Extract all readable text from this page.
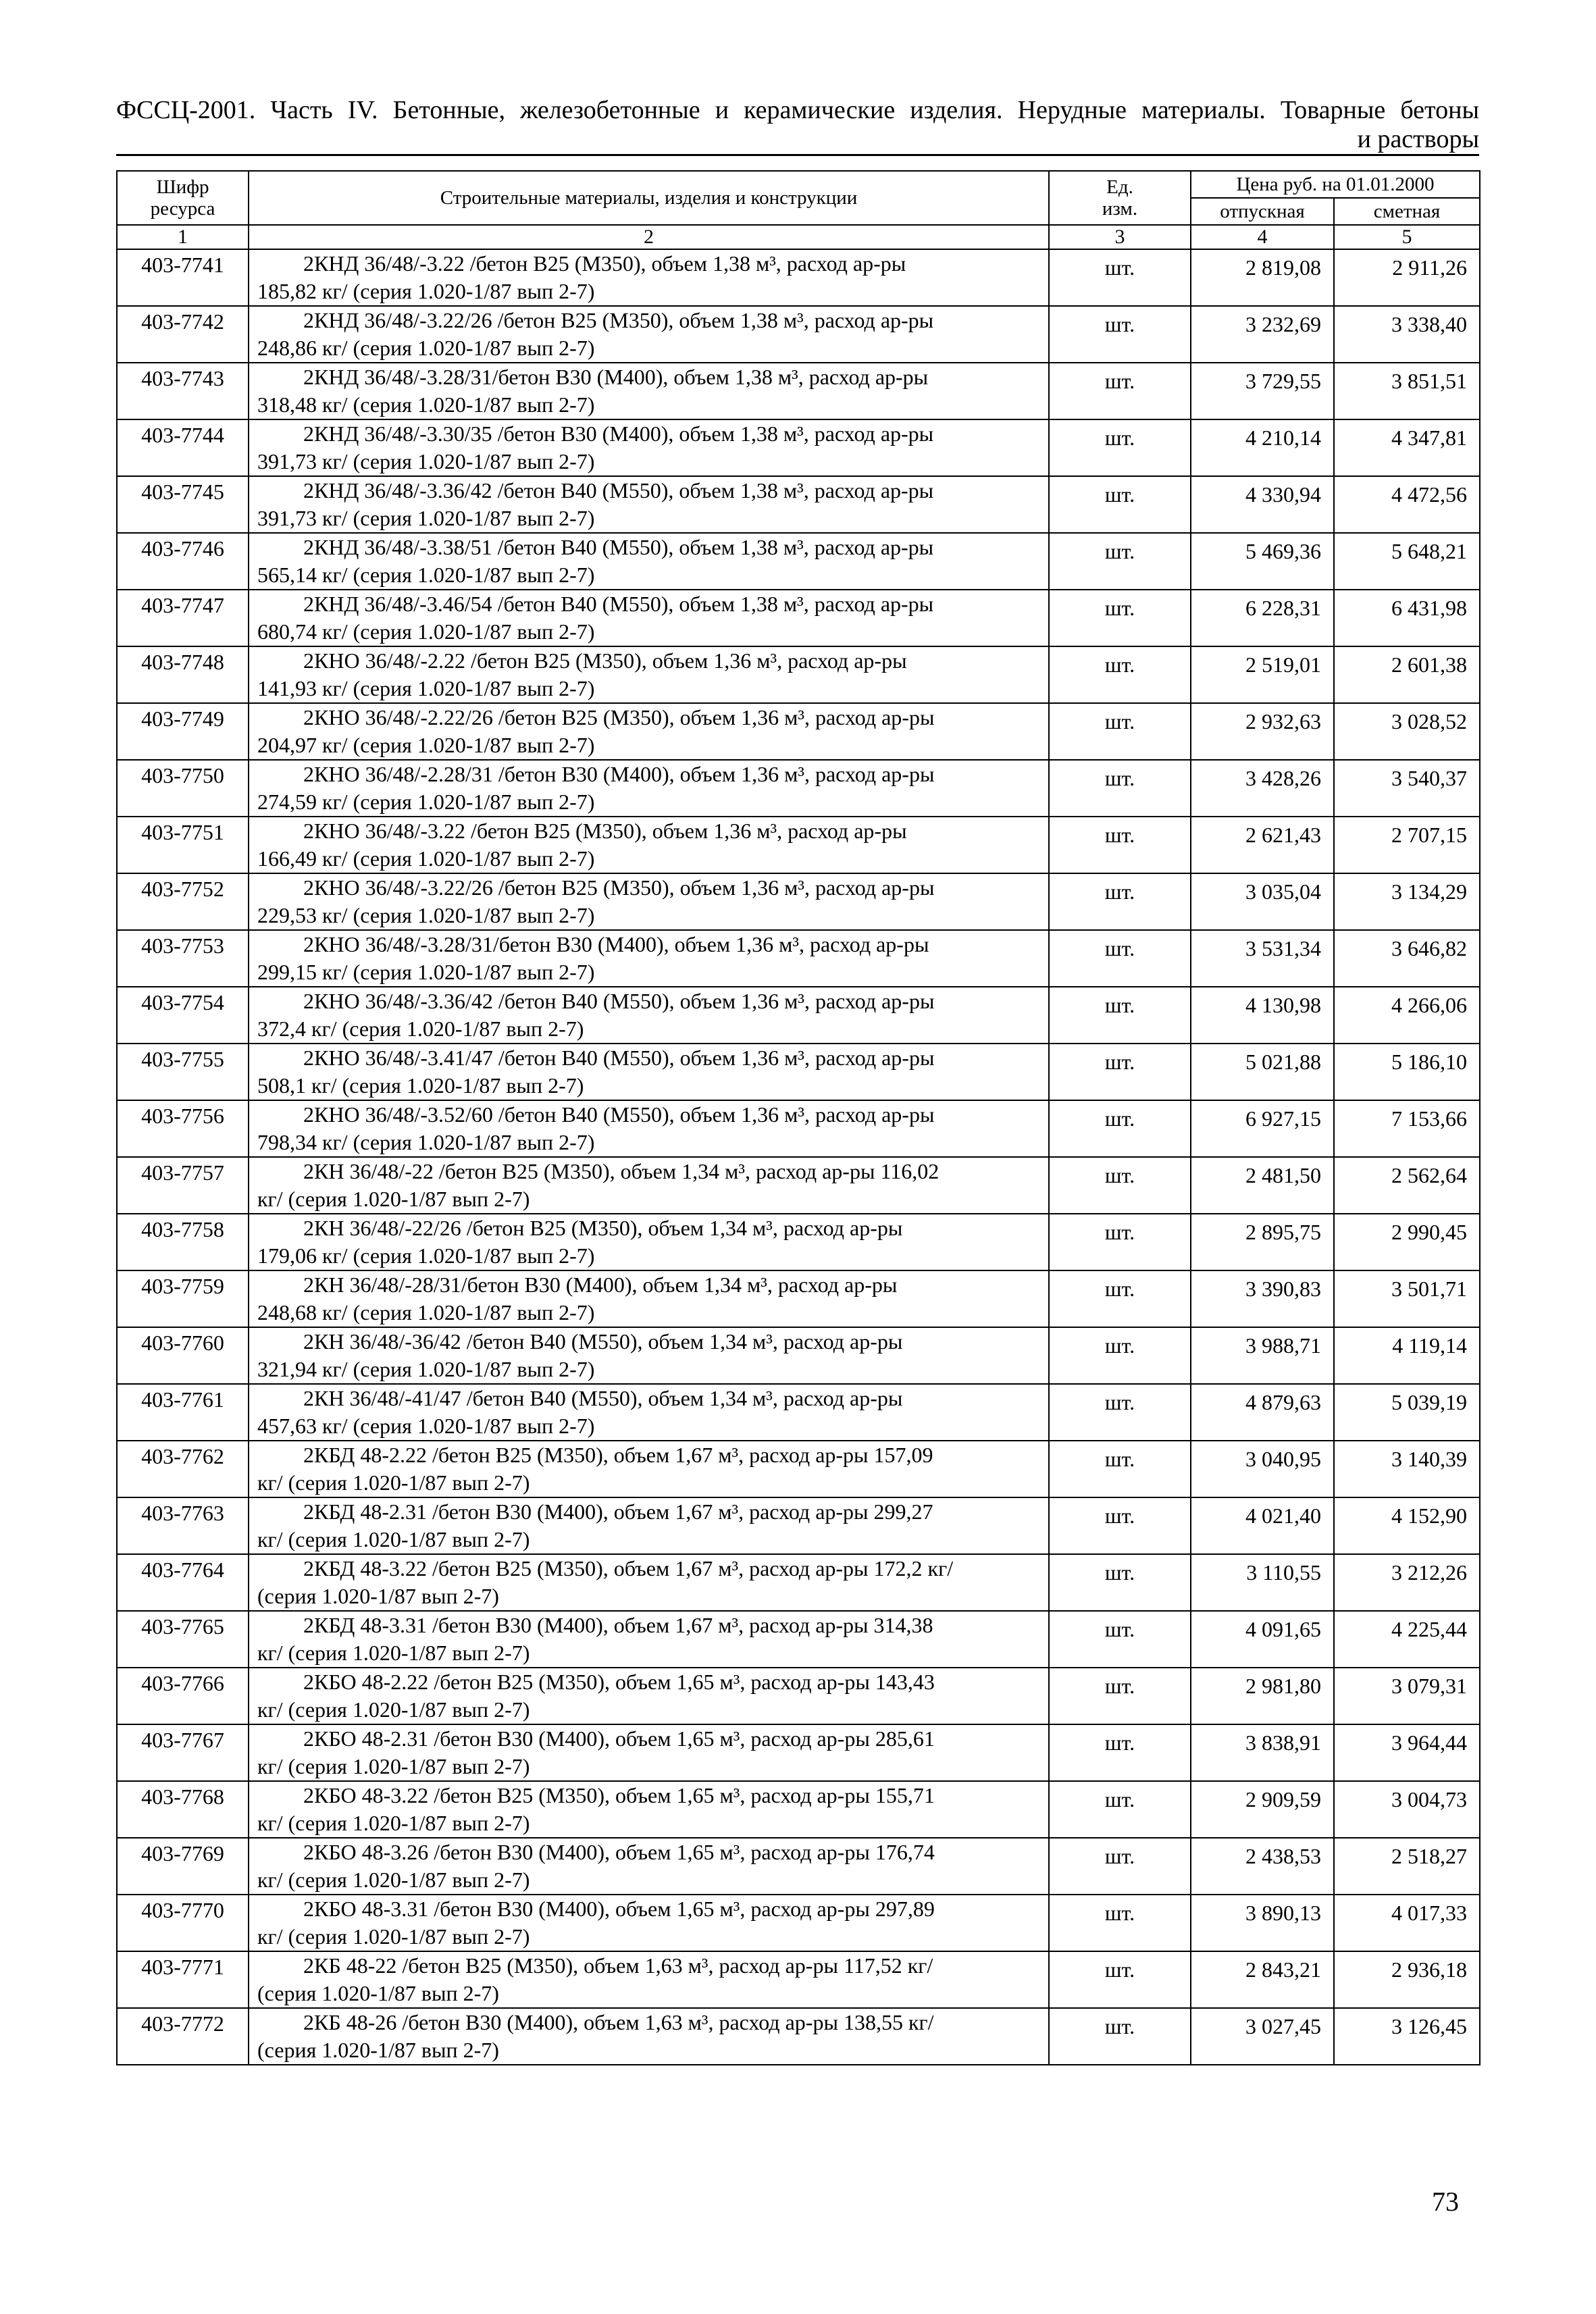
ФССЦ-2001. Часть IV. Бетонные, железобетонные и керамические изделия. Нерудные материалы. Товарные бетоны
и растворы
Шифр
ресурса	Строительные материалы, изделия и конструкции	Ед.
изм.	Цена руб. на 01.01.2000	
			отпускная	сметная
1	2	3	4	5
403-7741	2КНД 36/48/-3.22 /бетон В25 (М350), объем 1,38 м³, расход ар-ры
185,82 кг/ (серия 1.020-1/87 вып 2-7)	шт.	2 819,08	2 911,26
403-7742	2КНД 36/48/-3.22/26 /бетон В25 (М350), объем 1,38 м³, расход ар-ры
248,86 кг/ (серия 1.020-1/87 вып 2-7)	шт.	3 232,69	3 338,40
403-7743	2КНД 36/48/-3.28/31/бетон В30 (М400), объем 1,38 м³, расход ар-ры
318,48 кг/ (серия 1.020-1/87 вып 2-7)	шт.	3 729,55	3 851,51
403-7744	2КНД 36/48/-3.30/35 /бетон В30 (М400), объем 1,38 м³, расход ар-ры
391,73 кг/ (серия 1.020-1/87 вып 2-7)	шт.	4 210,14	4 347,81
403-7745	2КНД 36/48/-3.36/42 /бетон В40 (М550), объем 1,38 м³, расход ар-ры
391,73 кг/ (серия 1.020-1/87 вып 2-7)	шт.	4 330,94	4 472,56
403-7746	2КНД 36/48/-3.38/51 /бетон В40 (М550), объем 1,38 м³, расход ар-ры
565,14 кг/ (серия 1.020-1/87 вып 2-7)	шт.	5 469,36	5 648,21
403-7747	2КНД 36/48/-3.46/54 /бетон В40 (М550), объем 1,38 м³, расход ар-ры
680,74 кг/ (серия 1.020-1/87 вып 2-7)	шт.	6 228,31	6 431,98
403-7748	2КНО 36/48/-2.22 /бетон В25 (М350), объем 1,36 м³, расход ар-ры
141,93 кг/ (серия 1.020-1/87 вып 2-7)	шт.	2 519,01	2 601,38
403-7749	2КНО 36/48/-2.22/26 /бетон В25 (М350), объем 1,36 м³, расход ар-ры
204,97 кг/ (серия 1.020-1/87 вып 2-7)	шт.	2 932,63	3 028,52
403-7750	2КНО 36/48/-2.28/31 /бетон В30 (М400), объем 1,36 м³, расход ар-ры
274,59 кг/ (серия 1.020-1/87 вып 2-7)	шт.	3 428,26	3 540,37
403-7751	2КНО 36/48/-3.22 /бетон В25 (М350), объем 1,36 м³, расход ар-ры
166,49 кг/ (серия 1.020-1/87 вып 2-7)	шт.	2 621,43	2 707,15
403-7752	2КНО 36/48/-3.22/26 /бетон В25 (М350), объем 1,36 м³, расход ар-ры
229,53 кг/ (серия 1.020-1/87 вып 2-7)	шт.	3 035,04	3 134,29
403-7753	2КНО 36/48/-3.28/31/бетон В30 (М400), объем 1,36 м³, расход ар-ры
299,15 кг/ (серия 1.020-1/87 вып 2-7)	шт.	3 531,34	3 646,82
403-7754	2КНО 36/48/-3.36/42 /бетон В40 (М550), объем 1,36 м³, расход ар-ры
372,4 кг/ (серия 1.020-1/87 вып 2-7)	шт.	4 130,98	4 266,06
403-7755	2КНО 36/48/-3.41/47 /бетон В40 (М550), объем 1,36 м³, расход ар-ры
508,1 кг/ (серия 1.020-1/87 вып 2-7)	шт.	5 021,88	5 186,10
403-7756	2КНО 36/48/-3.52/60 /бетон В40 (М550), объем 1,36 м³, расход ар-ры
798,34 кг/ (серия 1.020-1/87 вып 2-7)	шт.	6 927,15	7 153,66
403-7757	2КН 36/48/-22 /бетон В25 (М350), объем 1,34 м³, расход ар-ры 116,02
кг/ (серия 1.020-1/87 вып 2-7)	шт.	2 481,50	2 562,64
403-7758	2КН 36/48/-22/26 /бетон В25 (М350), объем 1,34 м³, расход ар-ры
179,06 кг/ (серия 1.020-1/87 вып 2-7)	шт.	2 895,75	2 990,45
403-7759	2КН 36/48/-28/31/бетон В30 (М400), объем 1,34 м³, расход ар-ры
248,68 кг/ (серия 1.020-1/87 вып 2-7)	шт.	3 390,83	3 501,71
403-7760	2КН 36/48/-36/42 /бетон В40 (М550), объем 1,34 м³, расход ар-ры
321,94 кг/ (серия 1.020-1/87 вып 2-7)	шт.	3 988,71	4 119,14
403-7761	2КН 36/48/-41/47 /бетон В40 (М550), объем 1,34 м³, расход ар-ры
457,63 кг/ (серия 1.020-1/87 вып 2-7)	шт.	4 879,63	5 039,19
403-7762	2КБД 48-2.22 /бетон В25 (М350), объем 1,67 м³, расход ар-ры 157,09
кг/ (серия 1.020-1/87 вып 2-7)	шт.	3 040,95	3 140,39
403-7763	2КБД 48-2.31 /бетон В30 (М400), объем 1,67 м³, расход ар-ры 299,27
кг/ (серия 1.020-1/87 вып 2-7)	шт.	4 021,40	4 152,90
403-7764	2КБД 48-3.22 /бетон В25 (М350), объем 1,67 м³, расход ар-ры 172,2 кг/
(серия 1.020-1/87 вып 2-7)	шт.	3 110,55	3 212,26
403-7765	2КБД 48-3.31 /бетон В30 (М400), объем 1,67 м³, расход ар-ры 314,38
кг/ (серия 1.020-1/87 вып 2-7)	шт.	4 091,65	4 225,44
403-7766	2КБО 48-2.22 /бетон В25 (М350), объем 1,65 м³, расход ар-ры 143,43
кг/ (серия 1.020-1/87 вып 2-7)	шт.	2 981,80	3 079,31
403-7767	2КБО 48-2.31 /бетон В30 (М400), объем 1,65 м³, расход ар-ры 285,61
кг/ (серия 1.020-1/87 вып 2-7)	шт.	3 838,91	3 964,44
403-7768	2КБО 48-3.22 /бетон В25 (М350), объем 1,65 м³, расход ар-ры 155,71
кг/ (серия 1.020-1/87 вып 2-7)	шт.	2 909,59	3 004,73
403-7769	2КБО 48-3.26 /бетон В30 (М400), объем 1,65 м³, расход ар-ры 176,74
кг/ (серия 1.020-1/87 вып 2-7)	шт.	2 438,53	2 518,27
403-7770	2КБО 48-3.31 /бетон В30 (М400), объем 1,65 м³, расход ар-ры 297,89
кг/ (серия 1.020-1/87 вып 2-7)	шт.	3 890,13	4 017,33
403-7771	2КБ 48-22 /бетон В25 (М350), объем 1,63 м³, расход ар-ры 117,52 кг/
(серия 1.020-1/87 вып 2-7)	шт.	2 843,21	2 936,18
403-7772	2КБ 48-26 /бетон В30 (М400), объем 1,63 м³, расход ар-ры 138,55 кг/
(серия 1.020-1/87 вып 2-7)	шт.	3 027,45	3 126,45
73
